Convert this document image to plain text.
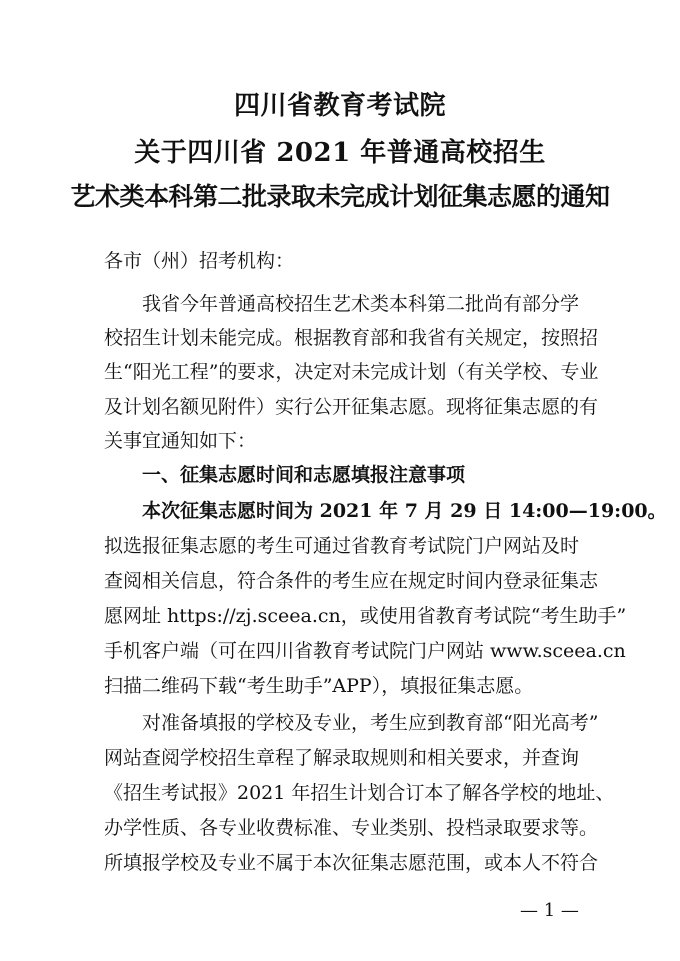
四川省教育考试院
关于四川省 2021 年普通高校招生
艺术类本科第二批录取未完成计划征集志愿的通知
各市（州）招考机构：
我省今年普通高校招生艺术类本科第二批尚有部分学
校招生计划未能完成。根据教育部和我省有关规定，按照招
生“阳光工程”的要求，决定对未完成计划（有关学校、专业
及计划名额见附件）实行公开征集志愿。现将征集志愿的有
关事宜通知如下：
一、征集志愿时间和志愿填报注意事项
本次征集志愿时间为 2021 年 7 月 29 日 14:00—19:00。
拟选报征集志愿的考生可通过省教育考试院门户网站及时
查阅相关信息，符合条件的考生应在规定时间内登录征集志
愿网址 https://zj.sceea.cn，或使用省教育考试院“考生助手”
手机客户端（可在四川省教育考试院门户网站 www.sceea.cn
扫描二维码下载“考生助手”APP），填报征集志愿。
对准备填报的学校及专业，考生应到教育部“阳光高考”
网站查阅学校招生章程了解录取规则和相关要求，并查询
《招生考试报》2021 年招生计划合订本了解各学校的地址、
办学性质、各专业收费标准、专业类别、投档录取要求等。
所填报学校及专业不属于本次征集志愿范围，或本人不符合
— 1 —
